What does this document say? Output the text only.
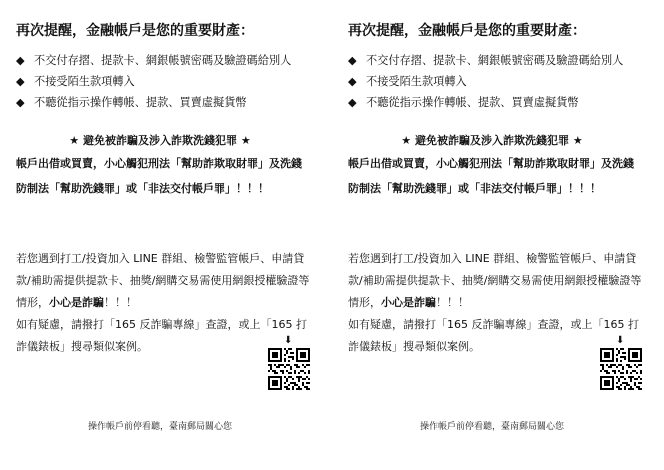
再次提醒，金融帳戶是您的重要財產：
◆ 不交付存摺、提款卡、網銀帳號密碼及驗證碼給別人
◆ 不接受陌生款項轉入
◆ 不聽從指示操作轉帳、提款、買賣虛擬貨幣
★ 避免被詐騙及涉入詐欺洗錢犯罪 ★
帳戶出借或買賣，小心觸犯刑法「幫助詐欺取財罪」及洗錢防制法「幫助洗錢罪」或「非法交付帳戶罪」！！！
若您遇到打工/投資加入 LINE 群組、檢警監管帳戶、申請貸款/補助需提供提款卡、抽獎/網購交易需使用網銀授權驗證等情形，小心是詐騙！！！
如有疑慮，請撥打「165 反詐騙專線」查證，或上「165 打詐儀錶板」搜尋類似案例。	⬇
操作帳戶前停看聽，臺南郵局關心您
再次提醒，金融帳戶是您的重要財產：
◆ 不交付存摺、提款卡、網銀帳號密碼及驗證碼給別人
◆ 不接受陌生款項轉入
◆ 不聽從指示操作轉帳、提款、買賣虛擬貨幣
★ 避免被詐騙及涉入詐欺洗錢犯罪 ★
帳戶出借或買賣，小心觸犯刑法「幫助詐欺取財罪」及洗錢防制法「幫助洗錢罪」或「非法交付帳戶罪」！！！
若您遇到打工/投資加入 LINE 群組、檢警監管帳戶、申請貸款/補助需提供提款卡、抽獎/網購交易需使用網銀授權驗證等情形，小心是詐騙！！！
如有疑慮，請撥打「165 反詐騙專線」查證，或上「165 打詐儀錶板」搜尋類似案例。	⬇
操作帳戶前停看聽，臺南郵局關心您
